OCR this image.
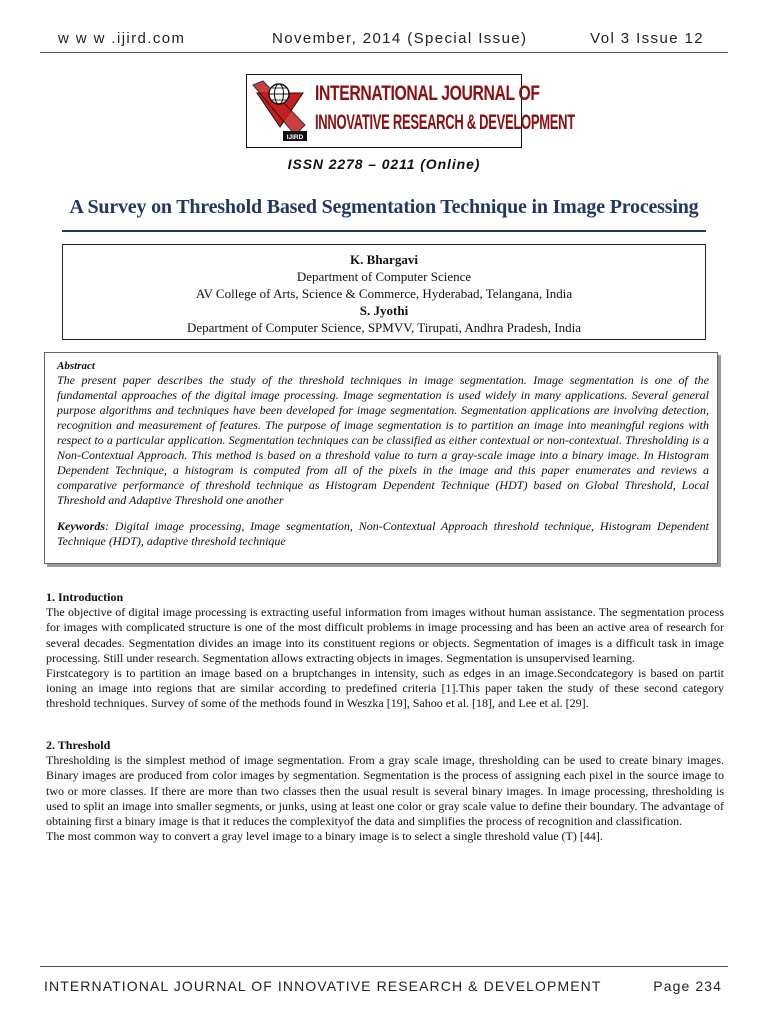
w w w .ijird.com	November, 2014 (Special Issue)	Vol 3 Issue 12
IJIRD
INTERNATIONAL JOURNAL OF
INNOVATIVE RESEARCH & DEVELOPMENT
ISSN 2278 – 0211 (Online)
A Survey on Threshold Based Segmentation Technique in Image Processing
K. Bhargavi
Department of Computer Science
AV College of Arts, Science & Commerce, Hyderabad, Telangana, India
S. Jyothi
Department of Computer Science, SPMVV, Tirupati, Andhra Pradesh, India
Abstract
The present paper describes the study of the threshold techniques in image segmentation. Image segmentation is one of the fundamental approaches of the digital image processing. Image segmentation is used widely in many applications. Several general purpose algorithms and techniques have been developed for image segmentation. Segmentation applications are involving detection, recognition and measurement of features. The purpose of image segmentation is to partition an image into meaningful regions with respect to a particular application. Segmentation techniques can be classified as either contextual or non-contextual. Thresholding is a Non-Contextual Approach. This method is based on a threshold value to turn a gray-scale image into a binary image. In Histogram Dependent Technique, a histogram is computed from all of the pixels in the image and this paper enumerates and reviews a comparative performance of threshold technique as Histogram Dependent Technique (HDT) based on Global Threshold, Local Threshold and Adaptive Threshold one another
Keywords: Digital image processing, Image segmentation, Non-Contextual Approach threshold technique, Histogram Dependent Technique (HDT), adaptive threshold technique
1. Introduction
The objective of digital image processing is extracting useful information from images without human assistance. The segmentation process for images with complicated structure is one of the most difficult problems in image processing and has been an active area of research for several decades. Segmentation divides an image into its constituent regions or objects. Segmentation of images is a difficult task in image processing. Still under research. Segmentation allows extracting objects in images. Segmentation is unsupervised learning.
Firstcategory is to partition an image based on a bruptchanges in intensity, such as edges in an image.Secondcategory is based on partit ioning an image into regions that are similar according to predefined criteria [1].This paper taken the study of these second category threshold techniques. Survey of some of the methods found in Weszka [19], Sahoo et al. [18], and Lee et al. [29].
2. Threshold
Thresholding is the simplest method of image segmentation. From a gray scale image, thresholding can be used to create binary images. Binary images are produced from color images by segmentation. Segmentation is the process of assigning each pixel in the source image to two or more classes. If there are more than two classes then the usual result is several binary images. In image processing, thresholding is used to split an image into smaller segments, or junks, using at least one color or gray scale value to define their boundary. The advantage of obtaining first a binary image is that it reduces the complexityof the data and simplifies the process of recognition and classification.
The most common way to convert a gray level image to a binary image is to select a single threshold value (T) [44].
INTERNATIONAL JOURNAL OF INNOVATIVE RESEARCH & DEVELOPMENT	Page 234
